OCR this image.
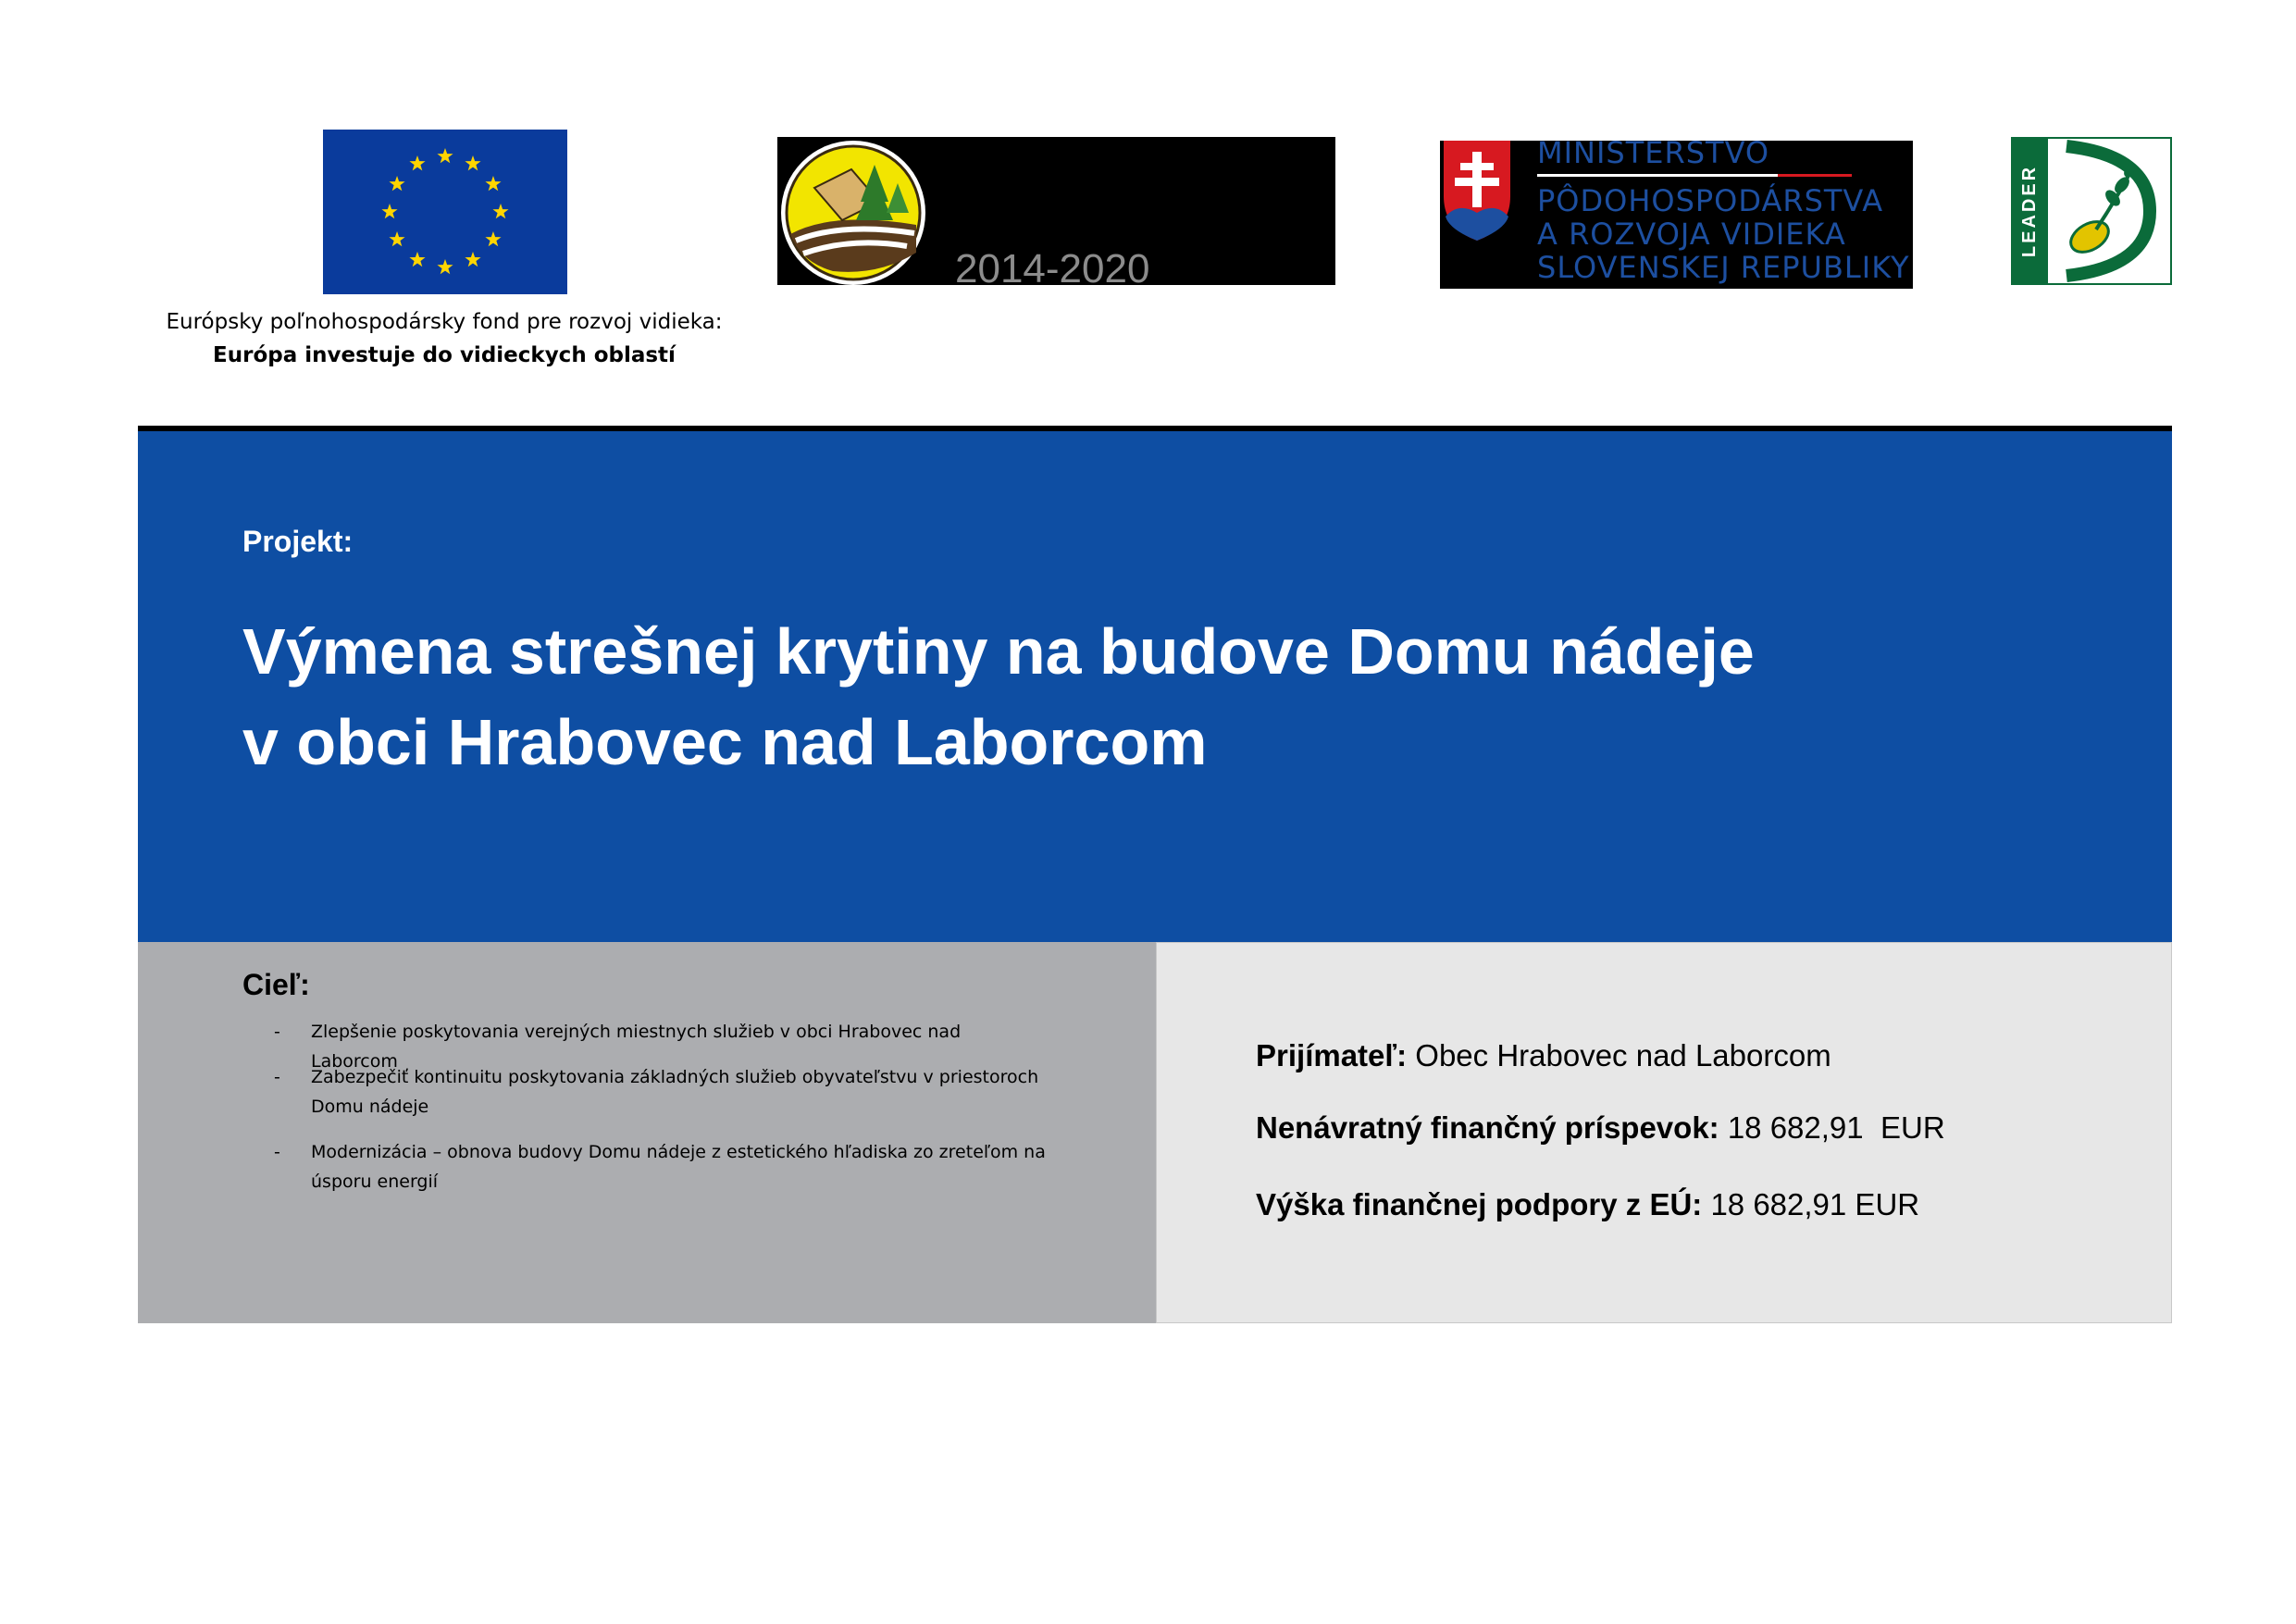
Európsky poľnohospodársky fond pre rozvoj vidieka:
Európa investuje do vidieckych oblastí
2014-2020
MINISTERSTVO
PÔDOHOSPODÁRSTVA
A ROZVOJA VIDIEKA
SLOVENSKEJ REPUBLIKY
LEADER
Projekt:
Výmena strešnej krytiny na budove Domu nádeje
v obci Hrabovec nad Laborcom
Cieľ:
- Zlepšenie poskytovania verejných miestnych služieb v obci Hrabovec nad Laborcom
- Zabezpečiť kontinuitu poskytovania základných služieb obyvateľstvu v priestoroch Domu nádeje
- Modernizácia – obnova budovy Domu nádeje z estetického hľadiska zo zreteľom na úsporu energií
Prijímateľ: Obec Hrabovec nad Laborcom
Nenávratný finančný príspevok: 18 682,91  EUR
Výška finančnej podpory z EÚ: 18 682,91 EUR
